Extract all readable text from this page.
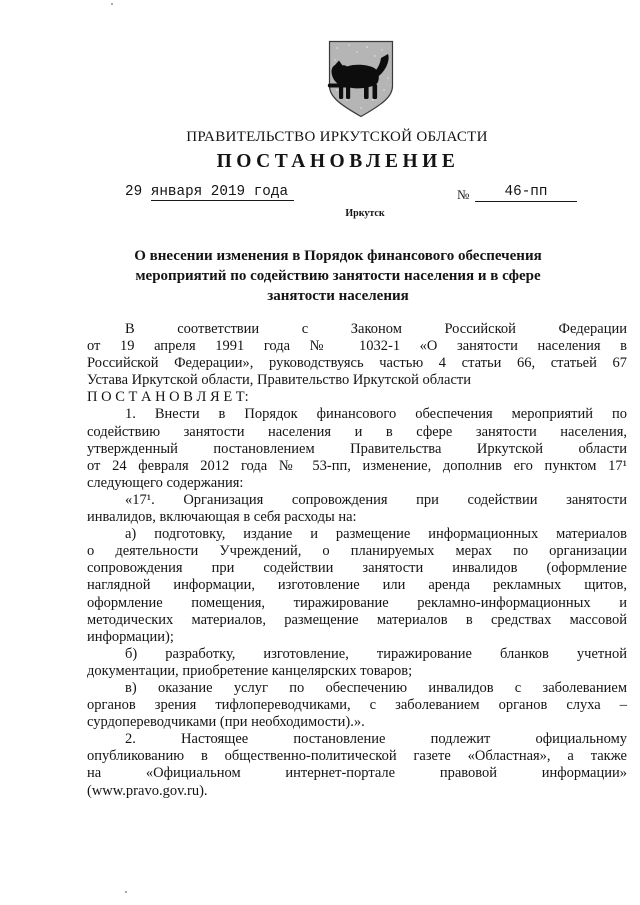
ПРАВИТЕЛЬСТВО ИРКУТСКОЙ ОБЛАСТИ
ПОСТАНОВЛЕНИЕ
29 января 2019 года	№	46-пп
Иркутск
О внесении изменения в Порядок финансового обеспечения
мероприятий по содействию занятости населения и в сфере
занятости населения
В соответствии с Законом Российской Федерации
от 19 апреля 1991 года № 1032-1 «О занятости населения в
Российской Федерации», руководствуясь частью 4 статьи 66, статьей 67
Устава Иркутской области, Правительство Иркутской области
П О С Т А Н О В Л Я Е Т:
1. Внести в Порядок финансового обеспечения мероприятий по
содействию занятости населения и в сфере занятости населения,
утвержденный постановлением Правительства Иркутской области
от 24 февраля 2012 года № 53-пп, изменение, дополнив его пунктом 17¹
следующего содержания:
«17¹. Организация сопровождения при содействии занятости
инвалидов, включающая в себя расходы на:
а) подготовку, издание и размещение информационных материалов
о деятельности Учреждений, о планируемых мерах по организации
сопровождения при содействии занятости инвалидов (оформление
наглядной информации, изготовление или аренда рекламных щитов,
оформление помещения, тиражирование рекламно-информационных и
методических материалов, размещение материалов в средствах массовой
информации);
б) разработку, изготовление, тиражирование бланков учетной
документации, приобретение канцелярских товаров;
в) оказание услуг по обеспечению инвалидов с заболеванием
органов зрения тифлопереводчиками, с заболеванием органов слуха –
сурдопереводчиками (при необходимости).».
2. Настоящее постановление подлежит официальному
опубликованию в общественно-политической газете «Областная», а также
на «Официальном интернет-портале правовой информации»
(www.pravo.gov.ru).
